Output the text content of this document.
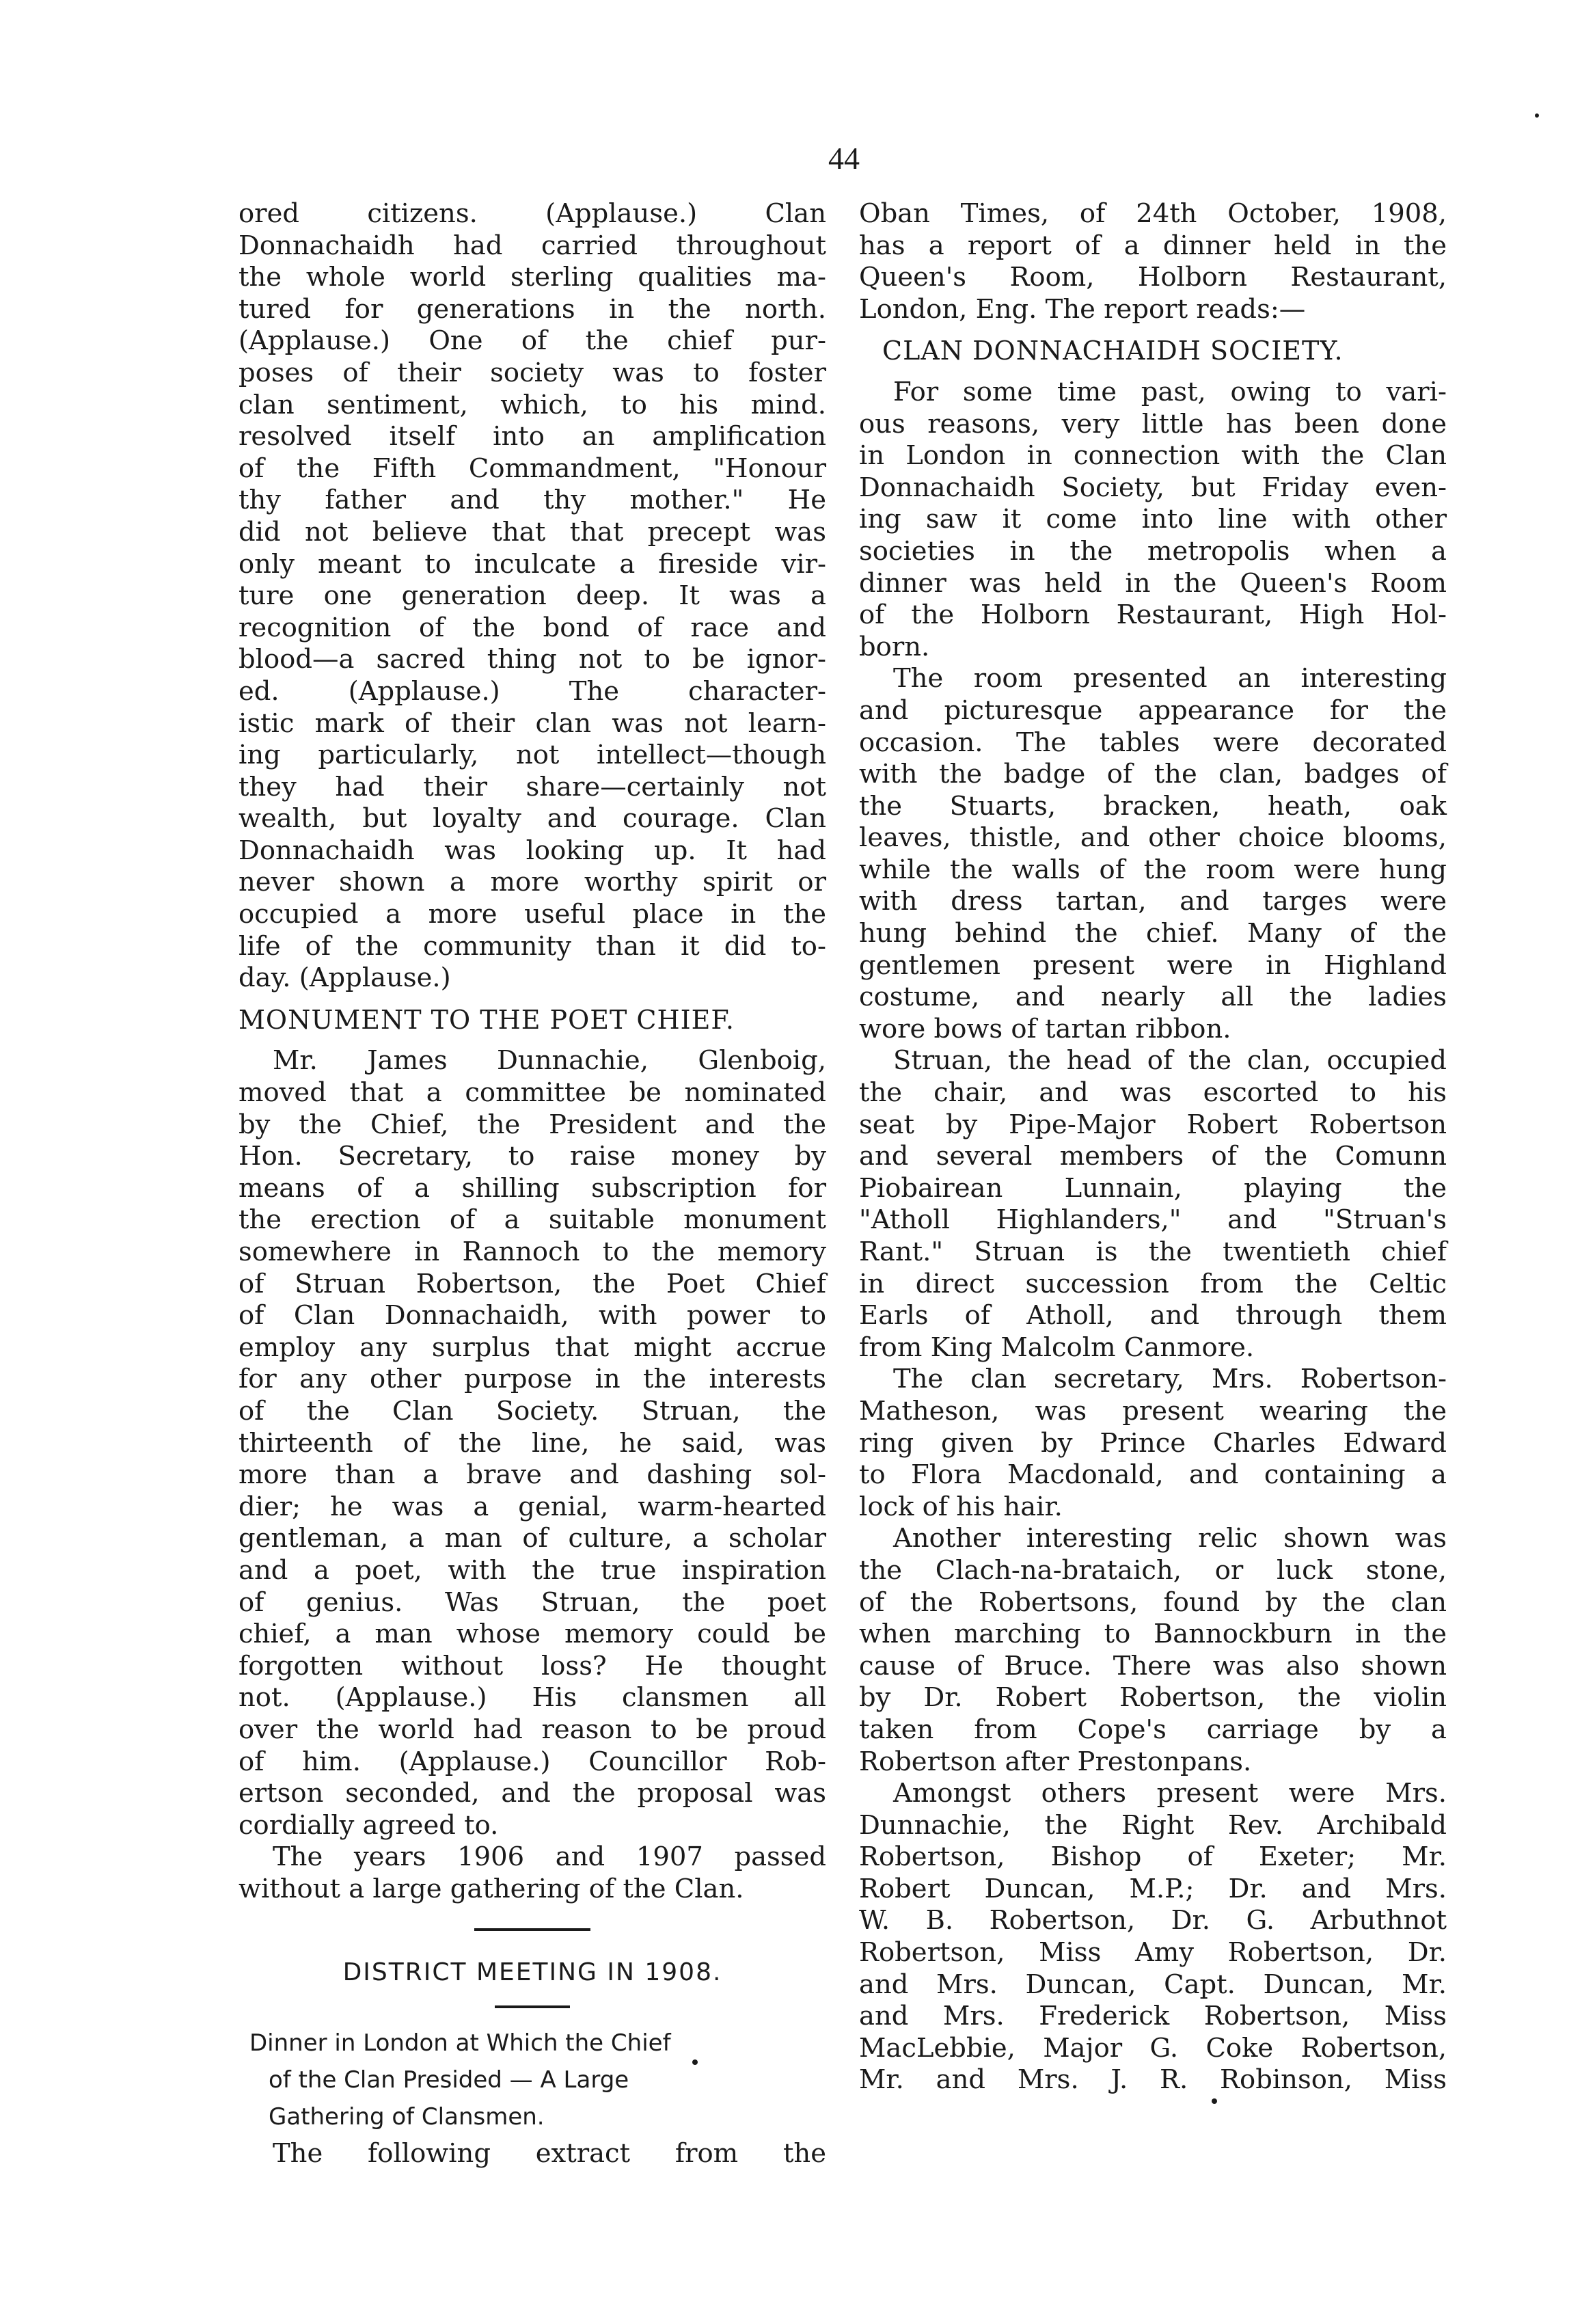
44

ored citizens. (Applause.) Clan

Donnachaidh had carried throughout

the whole world sterling qualities ma-

tured for generations in the north.

(Applause.) One of the chief pur-

poses of their society was to foster

clan sentiment, which, to his mind.

resolved itself into an amplification

of the Fifth Commandment, "Honour

thy father and thy mother." He

did not believe that that precept was

only meant to inculcate a fireside vir-

ture one generation deep. It was a

recognition of the bond of race and

blood—a sacred thing not to be ignor-

ed. (Applause.) The character-

istic mark of their clan was not learn-

ing particularly, not intellect—though

they had their share—certainly not

wealth, but loyalty and courage. Clan

Donnachaidh was looking up. It had

never shown a more worthy spirit or

occupied a more useful place in the

life of the community than it did to-

day. (Applause.)

MONUMENT TO THE POET CHIEF.

Mr. James Dunnachie, Glenboig,

moved that a committee be nominated

by the Chief, the President and the

Hon. Secretary, to raise money by

means of a shilling subscription for

the erection of a suitable monument

somewhere in Rannoch to the memory

of Struan Robertson, the Poet Chief

of Clan Donnachaidh, with power to

employ any surplus that might accrue

for any other purpose in the interests

of the Clan Society. Struan, the

thirteenth of the line, he said, was

more than a brave and dashing sol-

dier; he was a genial, warm-hearted

gentleman, a man of culture, a scholar

and a poet, with the true inspiration

of genius. Was Struan, the poet

chief, a man whose memory could be

forgotten without loss? He thought

not. (Applause.) His clansmen all

over the world had reason to be proud

of him. (Applause.) Councillor Rob-

ertson seconded, and the proposal was

cordially agreed to.

The years 1906 and 1907 passed

without a large gathering of the Clan.

DISTRICT MEETING IN 1908.
Dinner in London at Which the Chief
of the Clan Presided — A Large
Gathering of Clansmen.

The following extract from the

Oban Times, of 24th October, 1908,

has a report of a dinner held in the

Queen's Room, Holborn Restaurant,

London, Eng. The report reads:—

CLAN DONNACHAIDH SOCIETY.

For some time past, owing to vari-

ous reasons, very little has been done

in London in connection with the Clan

Donnachaidh Society, but Friday even-

ing saw it come into line with other

societies in the metropolis when a

dinner was held in the Queen's Room

of the Holborn Restaurant, High Hol-

born.

The room presented an interesting

and picturesque appearance for the

occasion. The tables were decorated

with the badge of the clan, badges of

the Stuarts, bracken, heath, oak

leaves, thistle, and other choice blooms,

while the walls of the room were hung

with dress tartan, and targes were

hung behind the chief. Many of the

gentlemen present were in Highland

costume, and nearly all the ladies

wore bows of tartan ribbon.

Struan, the head of the clan, occupied

the chair, and was escorted to his

seat by Pipe-Major Robert Robertson

and several members of the Comunn

Piobairean Lunnain, playing the

"Atholl Highlanders," and "Struan's

Rant." Struan is the twentieth chief

in direct succession from the Celtic

Earls of Atholl, and through them

from King Malcolm Canmore.

The clan secretary, Mrs. Robertson-

Matheson, was present wearing the

ring given by Prince Charles Edward

to Flora Macdonald, and containing a

lock of his hair.

Another interesting relic shown was

the Clach-na-brataich, or luck stone,

of the Robertsons, found by the clan

when marching to Bannockburn in the

cause of Bruce. There was also shown

by Dr. Robert Robertson, the violin

taken from Cope's carriage by a

Robertson after Prestonpans.

Amongst others present were Mrs.

Dunnachie, the Right Rev. Archibald

Robertson, Bishop of Exeter; Mr.

Robert Duncan, M.P.; Dr. and Mrs.

W. B. Robertson, Dr. G. Arbuthnot

Robertson, Miss Amy Robertson, Dr.

and Mrs. Duncan, Capt. Duncan, Mr.

and Mrs. Frederick Robertson, Miss

MacLebbie, Major G. Coke Robertson,

Mr. and Mrs. J. R. Robinson, Miss
